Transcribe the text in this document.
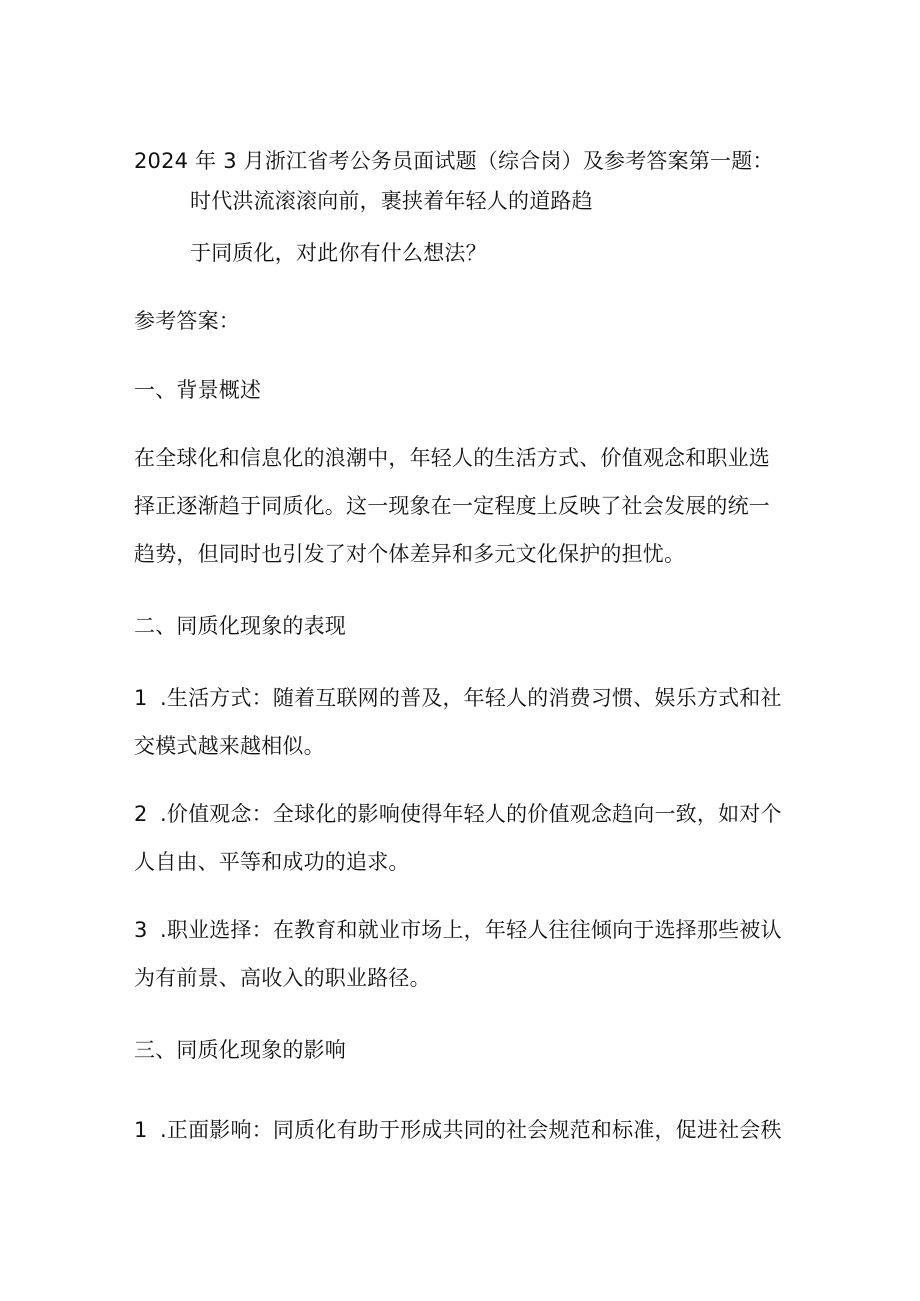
2024 年 3 月浙江省考公务员面试题（综合岗）及参考答案第一题：
时代洪流滚滚向前，裹挟着年轻人的道路趋
于同质化，对此你有什么想法？
参考答案：
一、背景概述
在全球化和信息化的浪潮中，年轻人的生活方式、价值观念和职业选
择正逐渐趋于同质化。这一现象在一定程度上反映了社会发展的统一
趋势，但同时也引发了对个体差异和多元文化保护的担忧。
二、同质化现象的表现
1 .生活方式：随着互联网的普及，年轻人的消费习惯、娱乐方式和社
交模式越来越相似。
2 .价值观念：全球化的影响使得年轻人的价值观念趋向一致，如对个
人自由、平等和成功的追求。
3 .职业选择：在教育和就业市场上，年轻人往往倾向于选择那些被认
为有前景、高收入的职业路径。
三、同质化现象的影响
1 .正面影响：同质化有助于形成共同的社会规范和标准，促进社会秩
